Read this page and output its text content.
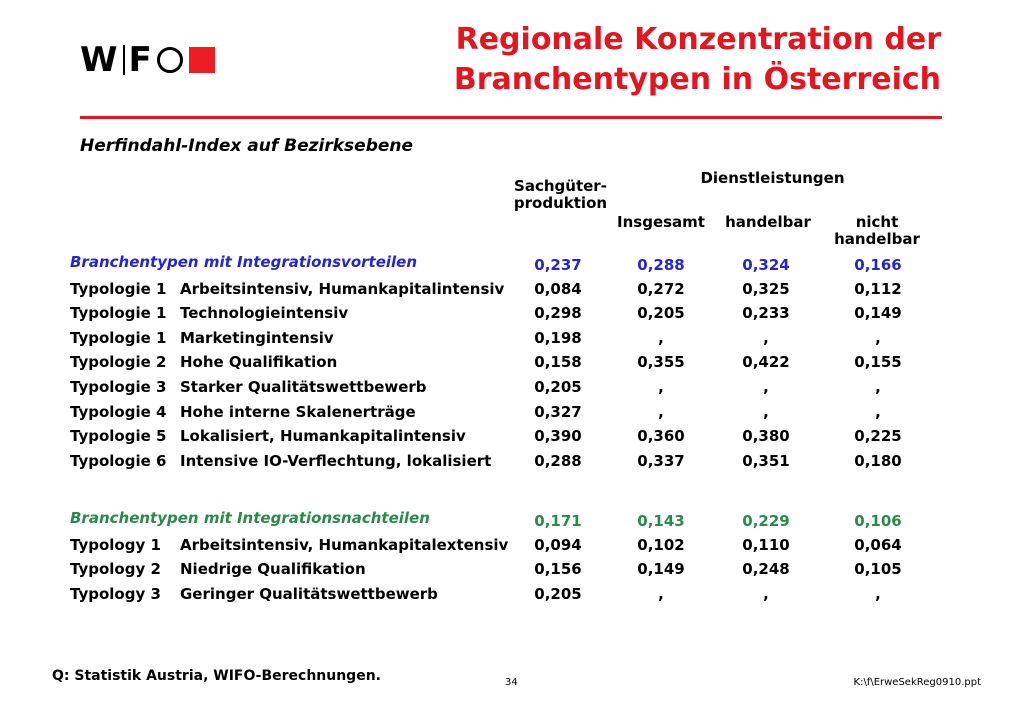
W F
Regionale Konzentration der
Branchentypen in Österreich
Herfindahl-Index auf Bezirksebene
Sachgüter-
produktion
Dienstleistungen
Insgesamt	handelbar	nicht
handelbar
Branchentypen mit Integrationsvorteilen	0,237	0,288	0,324	0,166
Typologie 1 Arbeitsintensiv, Humankapitalintensiv	0,084	0,272	0,325	0,112
Typologie 1 Technologieintensiv	0,298	0,205	0,233	0,149
Typologie 1 Marketingintensiv	0,198	,	,	,
Typologie 2 Hohe Qualifikation	0,158	0,355	0,422	0,155
Typologie 3 Starker Qualitätswettbewerb	0,205	,	,	,
Typologie 4 Hohe interne Skalenerträge	0,327	,	,	,
Typologie 5 Lokalisiert, Humankapitalintensiv	0,390	0,360	0,380	0,225
Typologie 6 Intensive IO-Verflechtung, lokalisiert	0,288	0,337	0,351	0,180
Branchentypen mit Integrationsnachteilen	0,171	0,143	0,229	0,106
Typology 1 Arbeitsintensiv, Humankapitalextensiv	0,094	0,102	0,110	0,064
Typology 2 Niedrige Qualifikation	0,156	0,149	0,248	0,105
Typology 3 Geringer Qualitätswettbewerb	0,205	,	,	,
Q: Statistik Austria, WIFO-Berechnungen.	34	K:\f\ErweSekReg0910.ppt
